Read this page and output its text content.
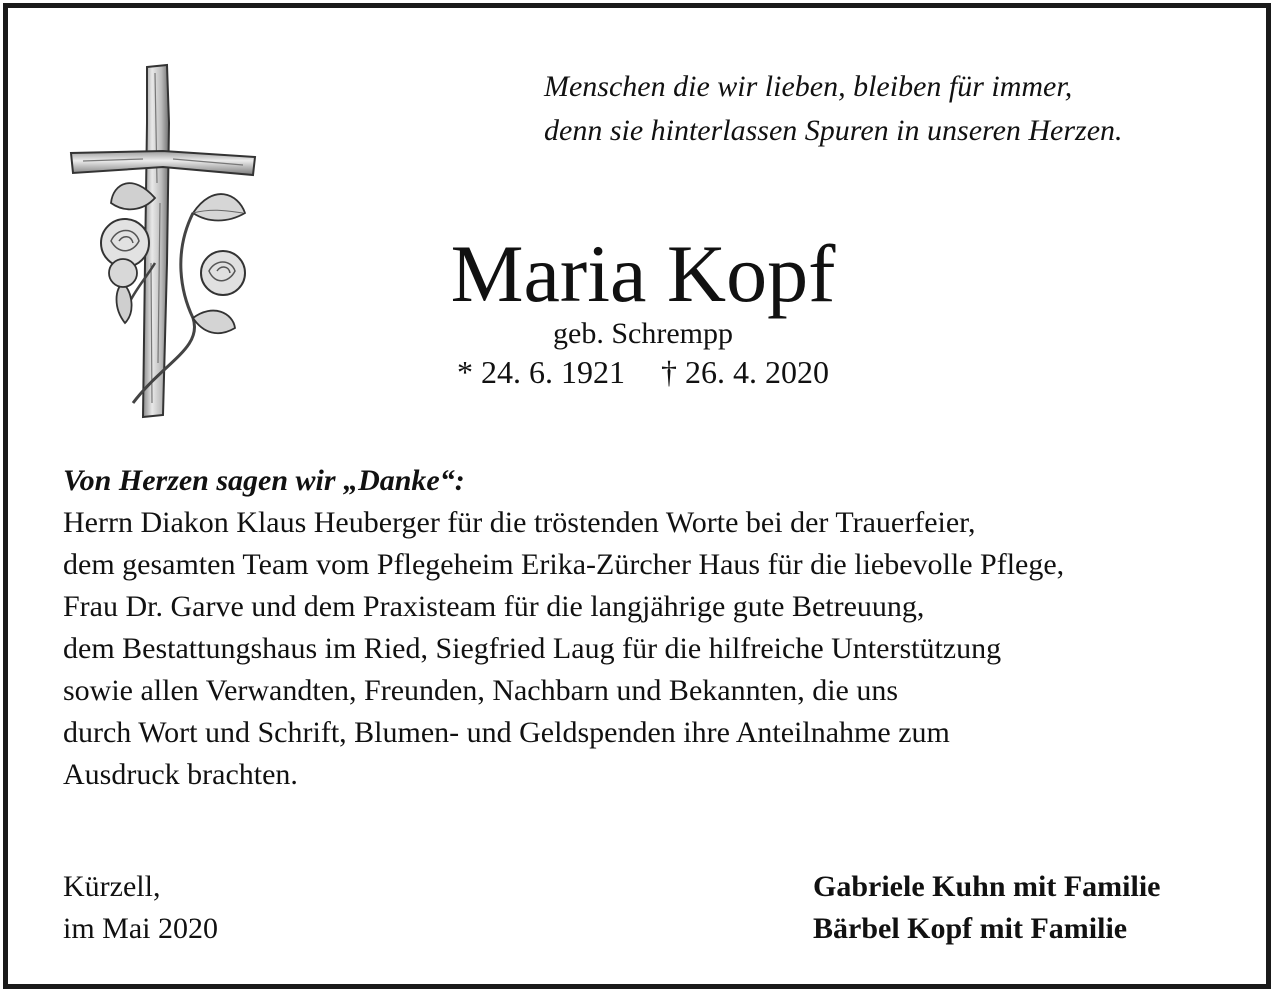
Menschen die wir lieben, bleiben für immer,
denn sie hinterlassen Spuren in unseren Herzen.
Maria Kopf
geb. Schrempp
* 24. 6. 1921 † 26. 4. 2020
Von Herzen sagen wir „Danke“:
Herrn Diakon Klaus Heuberger für die tröstenden Worte bei der Trauerfeier,
dem gesamten Team vom Pflegeheim Erika-Zürcher Haus für die liebevolle Pflege,
Frau Dr. Garve und dem Praxisteam für die langjährige gute Betreuung,
dem Bestattungshaus im Ried, Siegfried Laug für die hilfreiche Unterstützung
sowie allen Verwandten, Freunden, Nachbarn und Bekannten, die uns
durch Wort und Schrift, Blumen- und Geldspenden ihre Anteilnahme zum
Ausdruck brachten.
Kürzell,
im Mai 2020
Gabriele Kuhn mit Familie
Bärbel Kopf mit Familie
